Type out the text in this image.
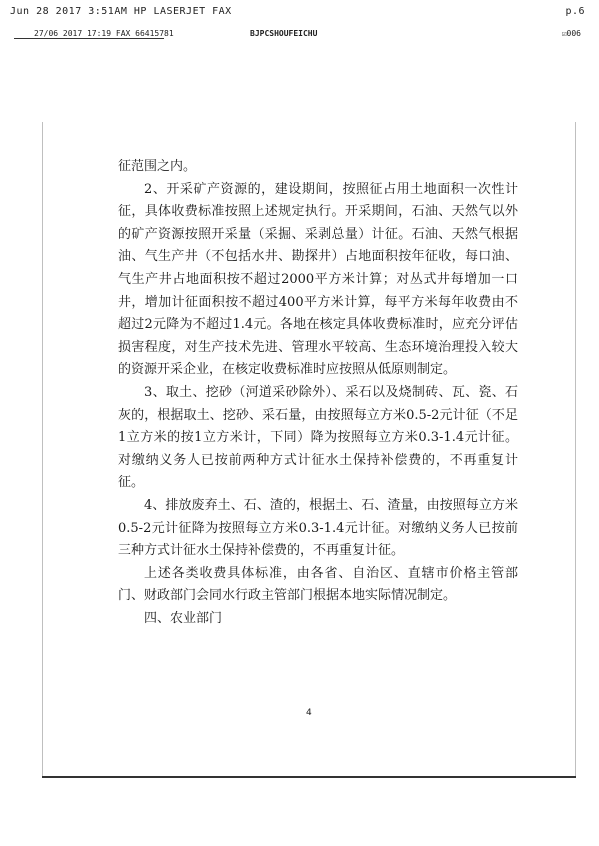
Jun 28 2017 3:51AM HP LASERJET FAX	p.6
27/06 2017 17:19 FAX 66415781	BJPCSHOUFEICHU	☑006

征范围之内。

2、开采矿产资源的，建设期间，按照征占用土地面积一次性计征，具体收费标准按照上述规定执行。开采期间，石油、天然气以外的矿产资源按照开采量（采掘、采剥总量）计征。石油、天然气根据油、气生产井（不包括水井、勘探井）占地面积按年征收，每口油、气生产井占地面积按不超过2000平方米计算；对丛式井每增加一口井，增加计征面积按不超过400平方米计算，每平方米每年收费由不超过2元降为不超过1.4元。各地在核定具体收费标准时，应充分评估损害程度，对生产技术先进、管理水平较高、生态环境治理投入较大的资源开采企业，在核定收费标准时应按照从低原则制定。

3、取土、挖砂（河道采砂除外）、采石以及烧制砖、瓦、瓷、石灰的，根据取土、挖砂、采石量，由按照每立方米0.5-2元计征（不足1立方米的按1立方米计，下同）降为按照每立方米0.3-1.4元计征。对缴纳义务人已按前两种方式计征水土保持补偿费的，不再重复计征。

4、排放废弃土、石、渣的，根据土、石、渣量，由按照每立方米0.5-2元计征降为按照每立方米0.3-1.4元计征。对缴纳义务人已按前三种方式计征水土保持补偿费的，不再重复计征。

上述各类收费具体标准，由各省、自治区、直辖市价格主管部门、财政部门会同水行政主管部门根据本地实际情况制定。

四、农业部门

4
